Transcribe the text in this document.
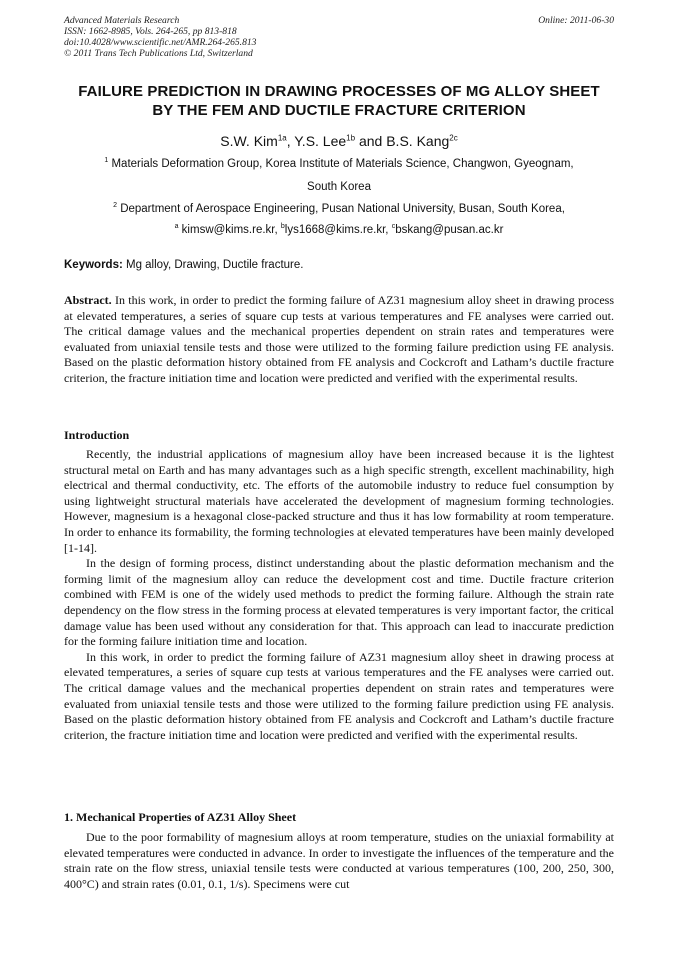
Advanced Materials Research
ISSN: 1662-8985, Vols. 264-265, pp 813-818
doi:10.4028/www.scientific.net/AMR.264-265.813
© 2011 Trans Tech Publications Ltd, Switzerland
Online: 2011-06-30
FAILURE PREDICTION IN DRAWING PROCESSES OF MG ALLOY SHEET
BY THE FEM AND DUCTILE FRACTURE CRITERION
S.W. Kim$^{1a}$, Y.S. Lee$^{1b}$ and B.S. Kang$^{2c}$
$^1$ Materials Deformation Group, Korea Institute of Materials Science, Changwon, Gyeognam,
South Korea
$^2$ Department of Aerospace Engineering, Pusan National University, Busan, South Korea,
$^a$ kimsw@kims.re.kr, $^b$lys1668@kims.re.kr, $^c$bskang@pusan.ac.kr
Keywords: Mg alloy, Drawing, Ductile fracture.

Abstract. In this work, in order to predict the forming failure of AZ31 magnesium alloy sheet in drawing process at elevated temperatures, a series of square cup tests at various temperatures and FE analyses were carried out. The critical damage values and the mechanical properties dependent on strain rates and temperatures were evaluated from uniaxial tensile tests and those were utilized to the forming failure prediction using FE analysis. Based on the plastic deformation history obtained from FE analysis and Cockcroft and Latham’s ductile fracture criterion, the fracture initiation time and location were predicted and verified with the experimental results.

Introduction

Recently, the industrial applications of magnesium alloy have been increased because it is the lightest structural metal on Earth and has many advantages such as a high specific strength, excellent machinability, high electrical and thermal conductivity, etc. The efforts of the automobile industry to reduce fuel consumption by using lightweight structural materials have accelerated the development of magnesium forming technologies. However, magnesium is a hexagonal close-packed structure and thus it has low formability at room temperature. In order to enhance its formability, the forming technologies at elevated temperatures have been mainly developed [1-14].

In the design of forming process, distinct understanding about the plastic deformation mechanism and the forming limit of the magnesium alloy can reduce the development cost and time. Ductile fracture criterion combined with FEM is one of the widely used methods to predict the forming failure. Although the strain rate dependency on the flow stress in the forming process at elevated temperatures is very important factor, the critical damage value has been used without any consideration for that. This approach can lead to inaccurate prediction for the forming failure initiation time and location.

In this work, in order to predict the forming failure of AZ31 magnesium alloy sheet in drawing process at elevated temperatures, a series of square cup tests at various temperatures and the FE analyses were carried out. The critical damage values and the mechanical properties dependent on strain rates and temperatures were evaluated from uniaxial tensile tests and those were utilized to the forming failure prediction using FE analysis. Based on the plastic deformation history obtained from FE analysis and Cockcroft and Latham’s ductile fracture criterion, the fracture initiation time and location were predicted and verified with the experimental results.

1. Mechanical Properties of AZ31 Alloy Sheet

Due to the poor formability of magnesium alloys at room temperature, studies on the uniaxial formability at elevated temperatures were conducted in advance. In order to investigate the influences of the temperature and the strain rate on the flow stress, uniaxial tensile tests were conducted at various temperatures (100, 200, 250, 300, 400°C) and strain rates (0.01, 0.1, 1/s). Specimens were cut
